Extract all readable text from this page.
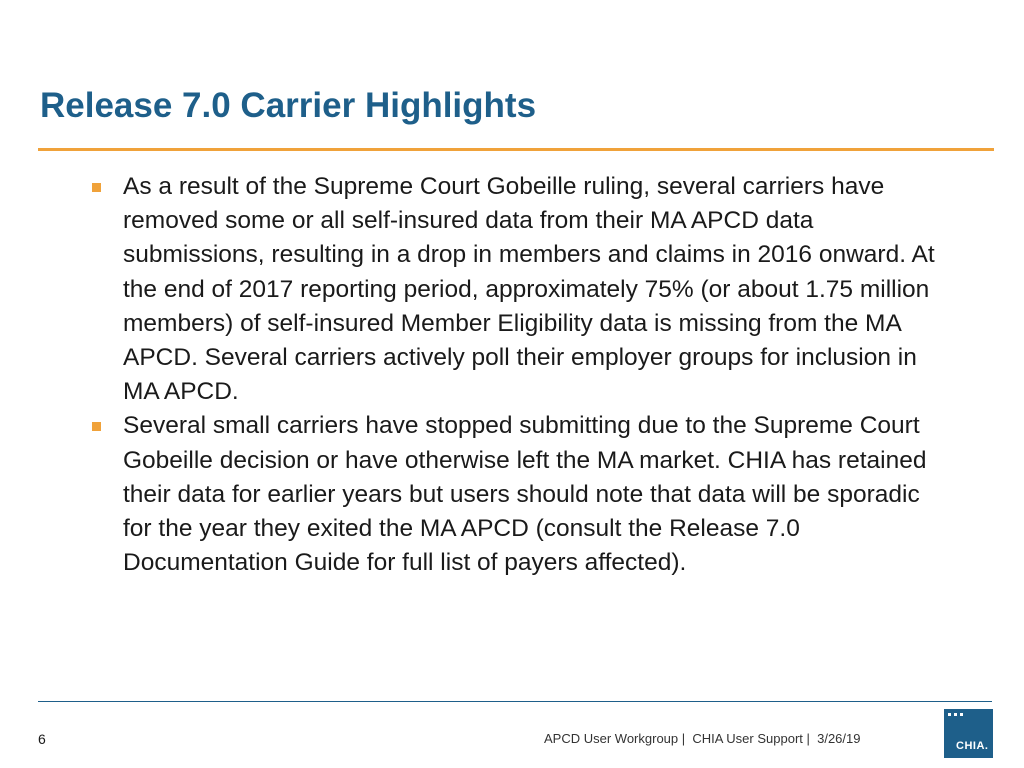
Release 7.0 Carrier Highlights
As a result of the Supreme Court Gobeille ruling, several carriers have removed some or all self-insured data from their MA APCD data submissions, resulting in a drop in members and claims in 2016 onward. At the end of 2017 reporting period, approximately 75% (or about 1.75 million members) of self-insured Member Eligibility data is missing from the MA APCD. Several carriers actively poll their employer groups for inclusion in MA APCD.
Several small carriers have stopped submitting due to the Supreme Court Gobeille decision or have otherwise left the MA market. CHIA has retained their data for earlier years but users should note that data will be sporadic for the year they exited the MA APCD (consult the Release 7.0 Documentation Guide for full list of payers affected).
6	APCD User Workgroup |  CHIA User Support |  3/26/19	CHIA.
